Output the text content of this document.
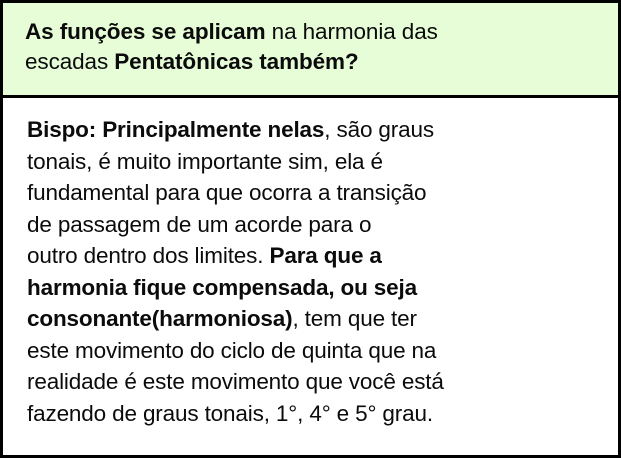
As funções se aplicam na harmonia das
escadas Pentatônicas também?
Bispo: Principalmente nelas, são graus
tonais, é muito importante sim, ela é
fundamental para que ocorra a transição
de passagem de um acorde para o
outro dentro dos limites. Para que a
harmonia fique compensada, ou seja
consonante(harmoniosa), tem que ter
este movimento do ciclo de quinta que na
realidade é este movimento que você está
fazendo de graus tonais, 1°, 4° e 5° grau.
